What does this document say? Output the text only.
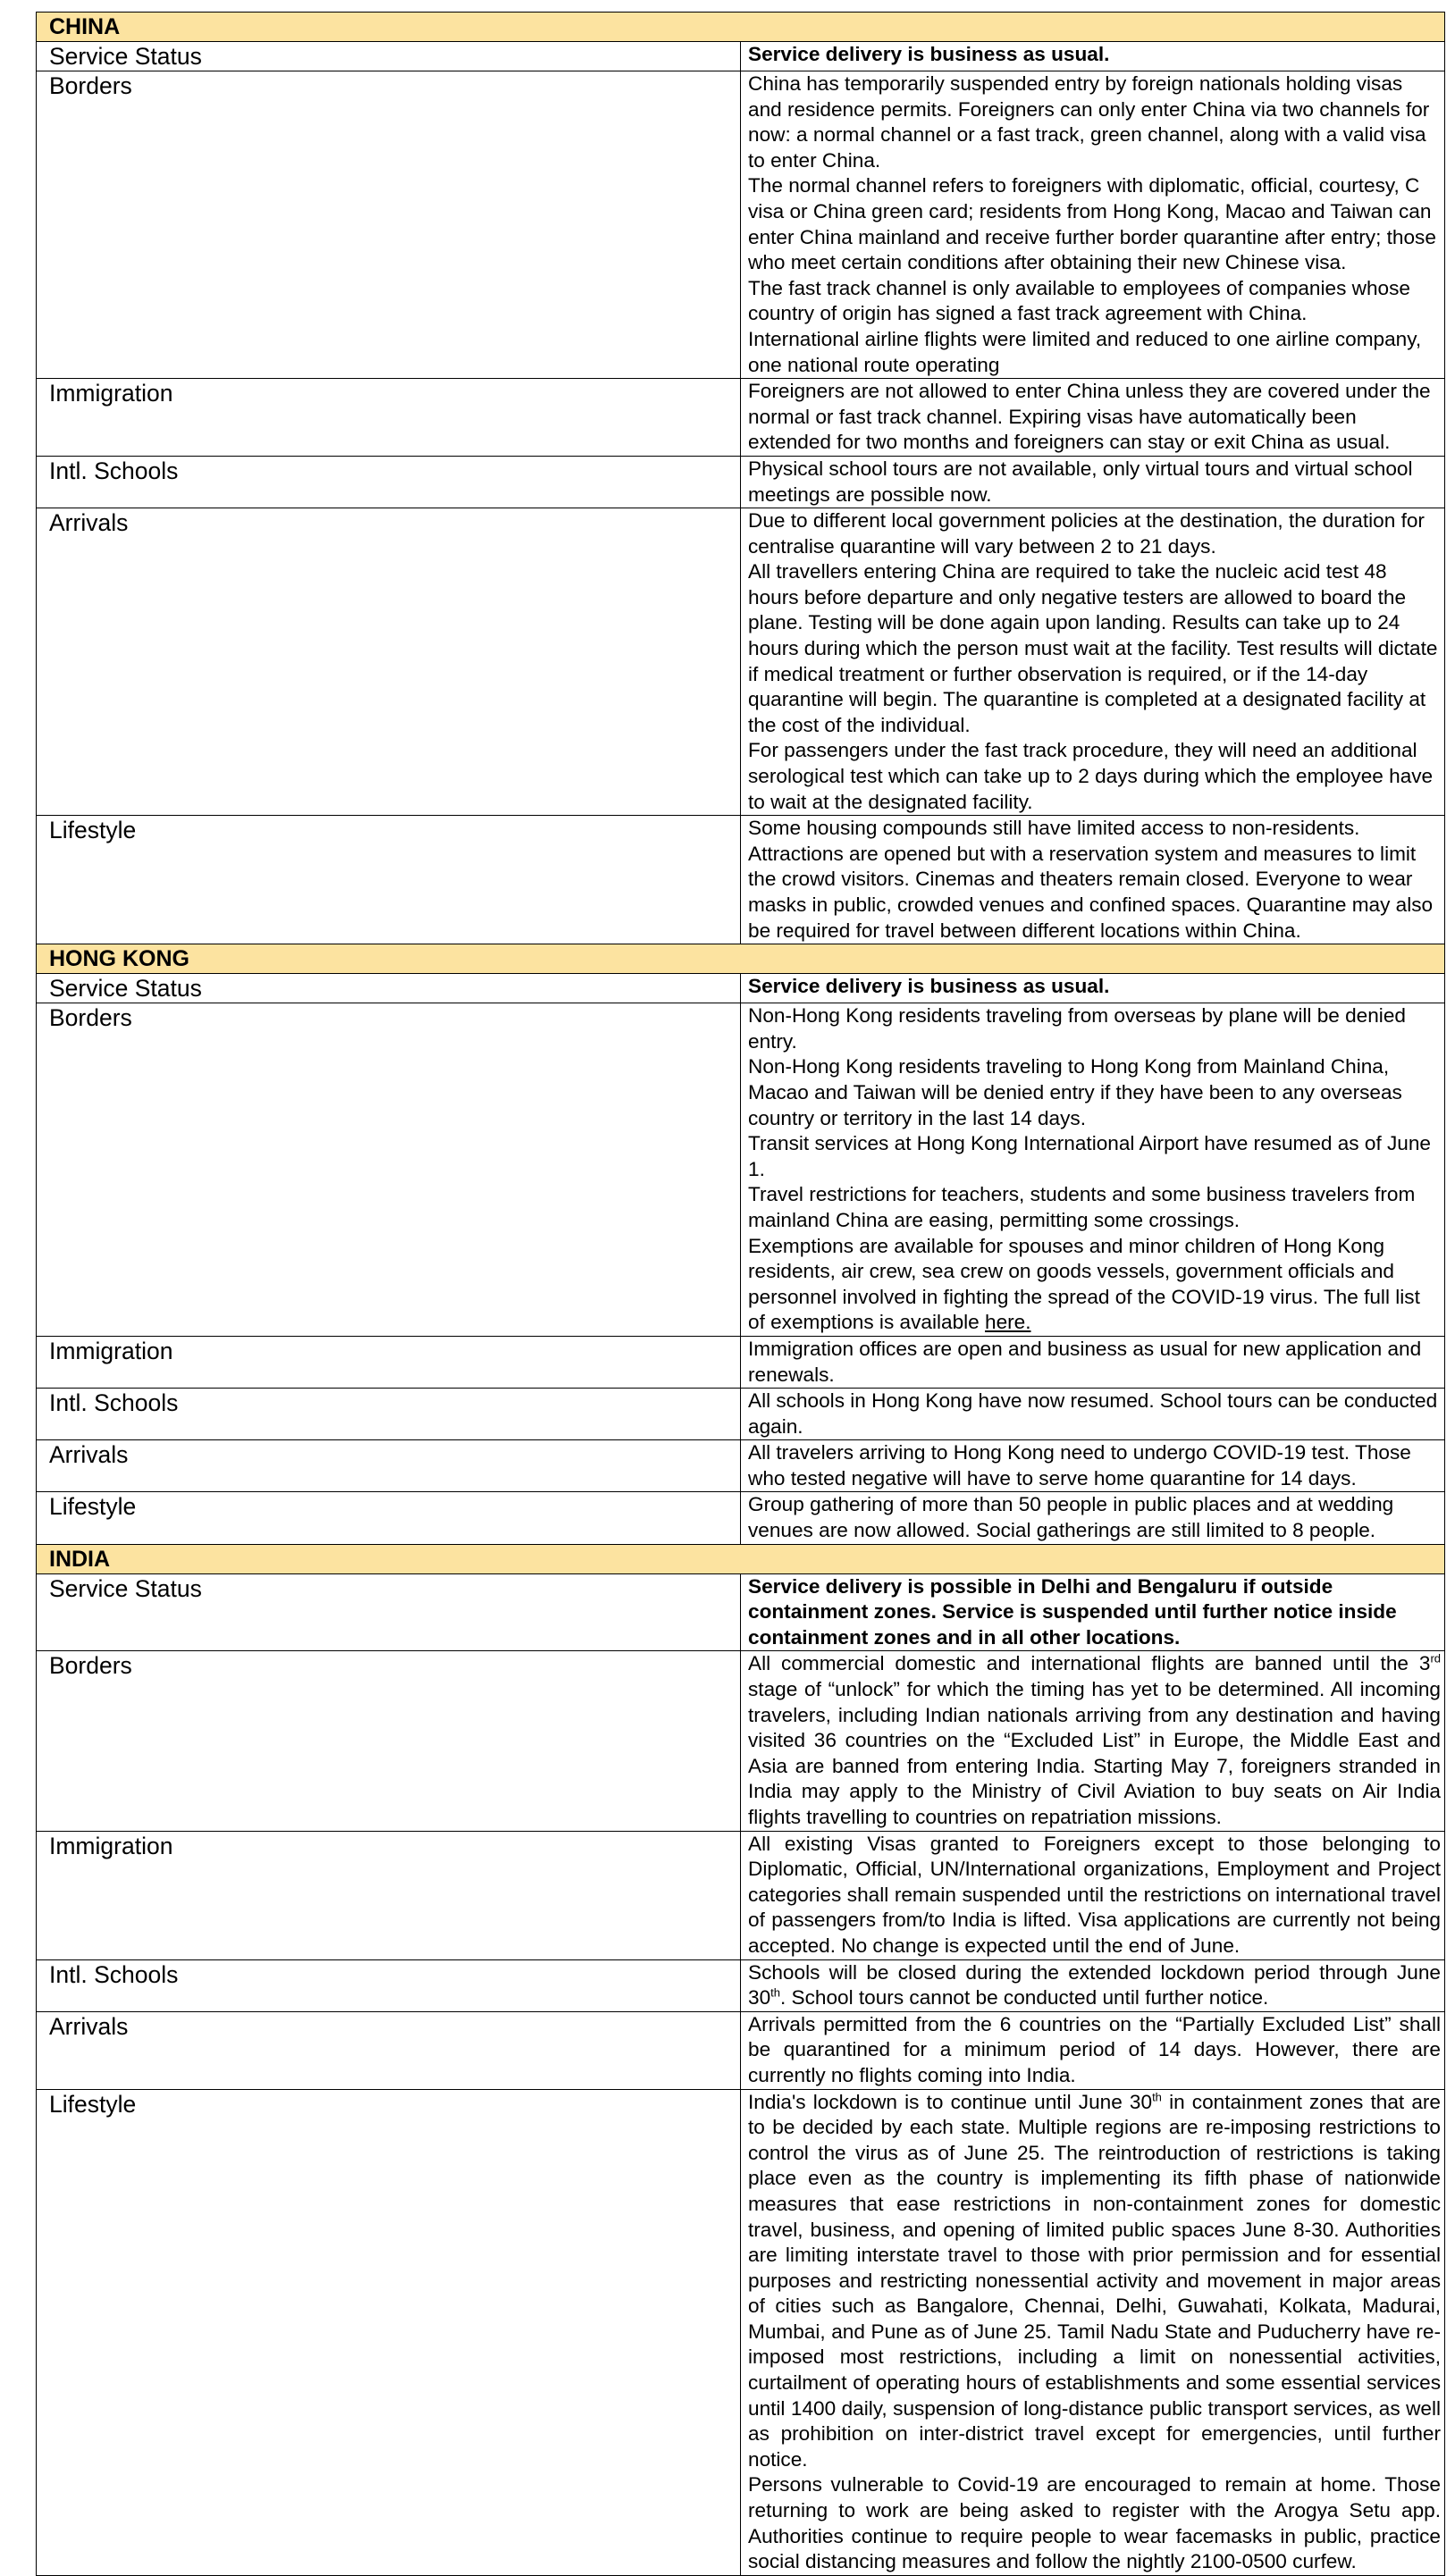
CHINA	
Service Status	Service delivery is business as usual.
Borders	China has temporarily suspended entry by foreign nationals holding visas and residence permits. Foreigners can only enter China via two channels for now: a normal channel or a fast track, green channel, along with a valid visa to enter China.

The normal channel refers to foreigners with diplomatic, official, courtesy, C visa or China green card; residents from Hong Kong, Macao and Taiwan can enter China mainland and receive further border quarantine after entry; those who meet certain conditions after obtaining their new Chinese visa.

The fast track channel is only available to employees of companies whose country of origin has signed a fast track agreement with China.

International airline flights were limited and reduced to one airline company, one national route operating

Immigration	Foreigners are not allowed to enter China unless they are covered under the normal or fast track channel. Expiring visas have automatically been extended for two months and foreigners can stay or exit China as usual.
Intl. Schools	Physical school tours are not available, only virtual tours and virtual school meetings are possible now.
Arrivals	Due to different local government policies at the destination, the duration for centralise quarantine will vary between 2 to 21 days.

All travellers entering China are required to take the nucleic acid test 48 hours before departure and only negative testers are allowed to board the plane. Testing will be done again upon landing. Results can take up to 24 hours during which the person must wait at the facility. Test results will dictate if medical treatment or further observation is required, or if the 14-day quarantine will begin. The quarantine is completed at a designated facility at the cost of the individual.

For passengers under the fast track procedure, they will need an additional serological test which can take up to 2 days during which the employee have to wait at the designated facility.

Lifestyle	Some housing compounds still have limited access to non-residents. Attractions are opened but with a reservation system and measures to limit the crowd visitors. Cinemas and theaters remain closed. Everyone to wear masks in public, crowded venues and confined spaces. Quarantine may also be required for travel between different locations within China.
HONG KONG	
Service Status	Service delivery is business as usual.
Borders	Non-Hong Kong residents traveling from overseas by plane will be denied entry.

Non-Hong Kong residents traveling to Hong Kong from Mainland China, Macao and Taiwan will be denied entry if they have been to any overseas country or territory in the last 14 days.

Transit services at Hong Kong International Airport have resumed as of June 1.

Travel restrictions for teachers, students and some business travelers from mainland China are easing, permitting some crossings.

Exemptions are available for spouses and minor children of Hong Kong residents, air crew, sea crew on goods vessels, government officials and personnel involved in fighting the spread of the COVID-19 virus. The full list of exemptions is available here.

Immigration	Immigration offices are open and business as usual for new application and renewals.
Intl. Schools	All schools in Hong Kong have now resumed. School tours can be conducted again.
Arrivals	All travelers arriving to Hong Kong need to undergo COVID-19 test. Those who tested negative will have to serve home quarantine for 14 days.
Lifestyle	Group gathering of more than 50 people in public places and at wedding venues are now allowed. Social gatherings are still limited to 8 people.
INDIA	
Service Status	Service delivery is possible in Delhi and Bengaluru if outside containment zones. Service is suspended until further notice inside containment zones and in all other locations.
Borders	All commercial domestic and international flights are banned until the 3rd stage of “unlock” for which the timing has yet to be determined. All incoming travelers, including Indian nationals arriving from any destination and having visited 36 countries on the “Excluded List” in Europe, the Middle East and Asia are banned from entering India. Starting May 7, foreigners stranded in India may apply to the Ministry of Civil Aviation to buy seats on Air India flights travelling to countries on repatriation missions.
Immigration	All existing Visas granted to Foreigners except to those belonging to Diplomatic, Official, UN/International organizations, Employment and Project categories shall remain suspended until the restrictions on international travel of passengers from/to India is lifted. Visa applications are currently not being accepted. No change is expected until the end of June.
Intl. Schools	Schools will be closed during the extended lockdown period through June 30th. School tours cannot be conducted until further notice.
Arrivals	Arrivals permitted from the 6 countries on the “Partially Excluded List” shall be quarantined for a minimum period of 14 days. However, there are currently no flights coming into India.
Lifestyle	India's lockdown is to continue until June 30th in containment zones that are to be decided by each state. Multiple regions are re-imposing restrictions to control the virus as of June 25. The reintroduction of restrictions is taking place even as the country is implementing its fifth phase of nationwide measures that ease restrictions in non-containment zones for domestic travel, business, and opening of limited public spaces June 8-30. Authorities are limiting interstate travel to those with prior permission and for essential purposes and restricting nonessential activity and movement in major areas of cities such as Bangalore, Chennai, Delhi, Guwahati, Kolkata, Madurai, Mumbai, and Pune as of June 25. Tamil Nadu State and Puducherry have re-imposed most restrictions, including a limit on nonessential activities, curtailment of operating hours of establishments and some essential services until 1400 daily, suspension of long-distance public transport services, as well as prohibition on inter-district travel except for emergencies, until further notice.

Persons vulnerable to Covid-19 are encouraged to remain at home. Those returning to work are being asked to register with the Arogya Setu app. Authorities continue to require people to wear facemasks in public, practice social distancing measures and follow the nightly 2100-0500 curfew.
